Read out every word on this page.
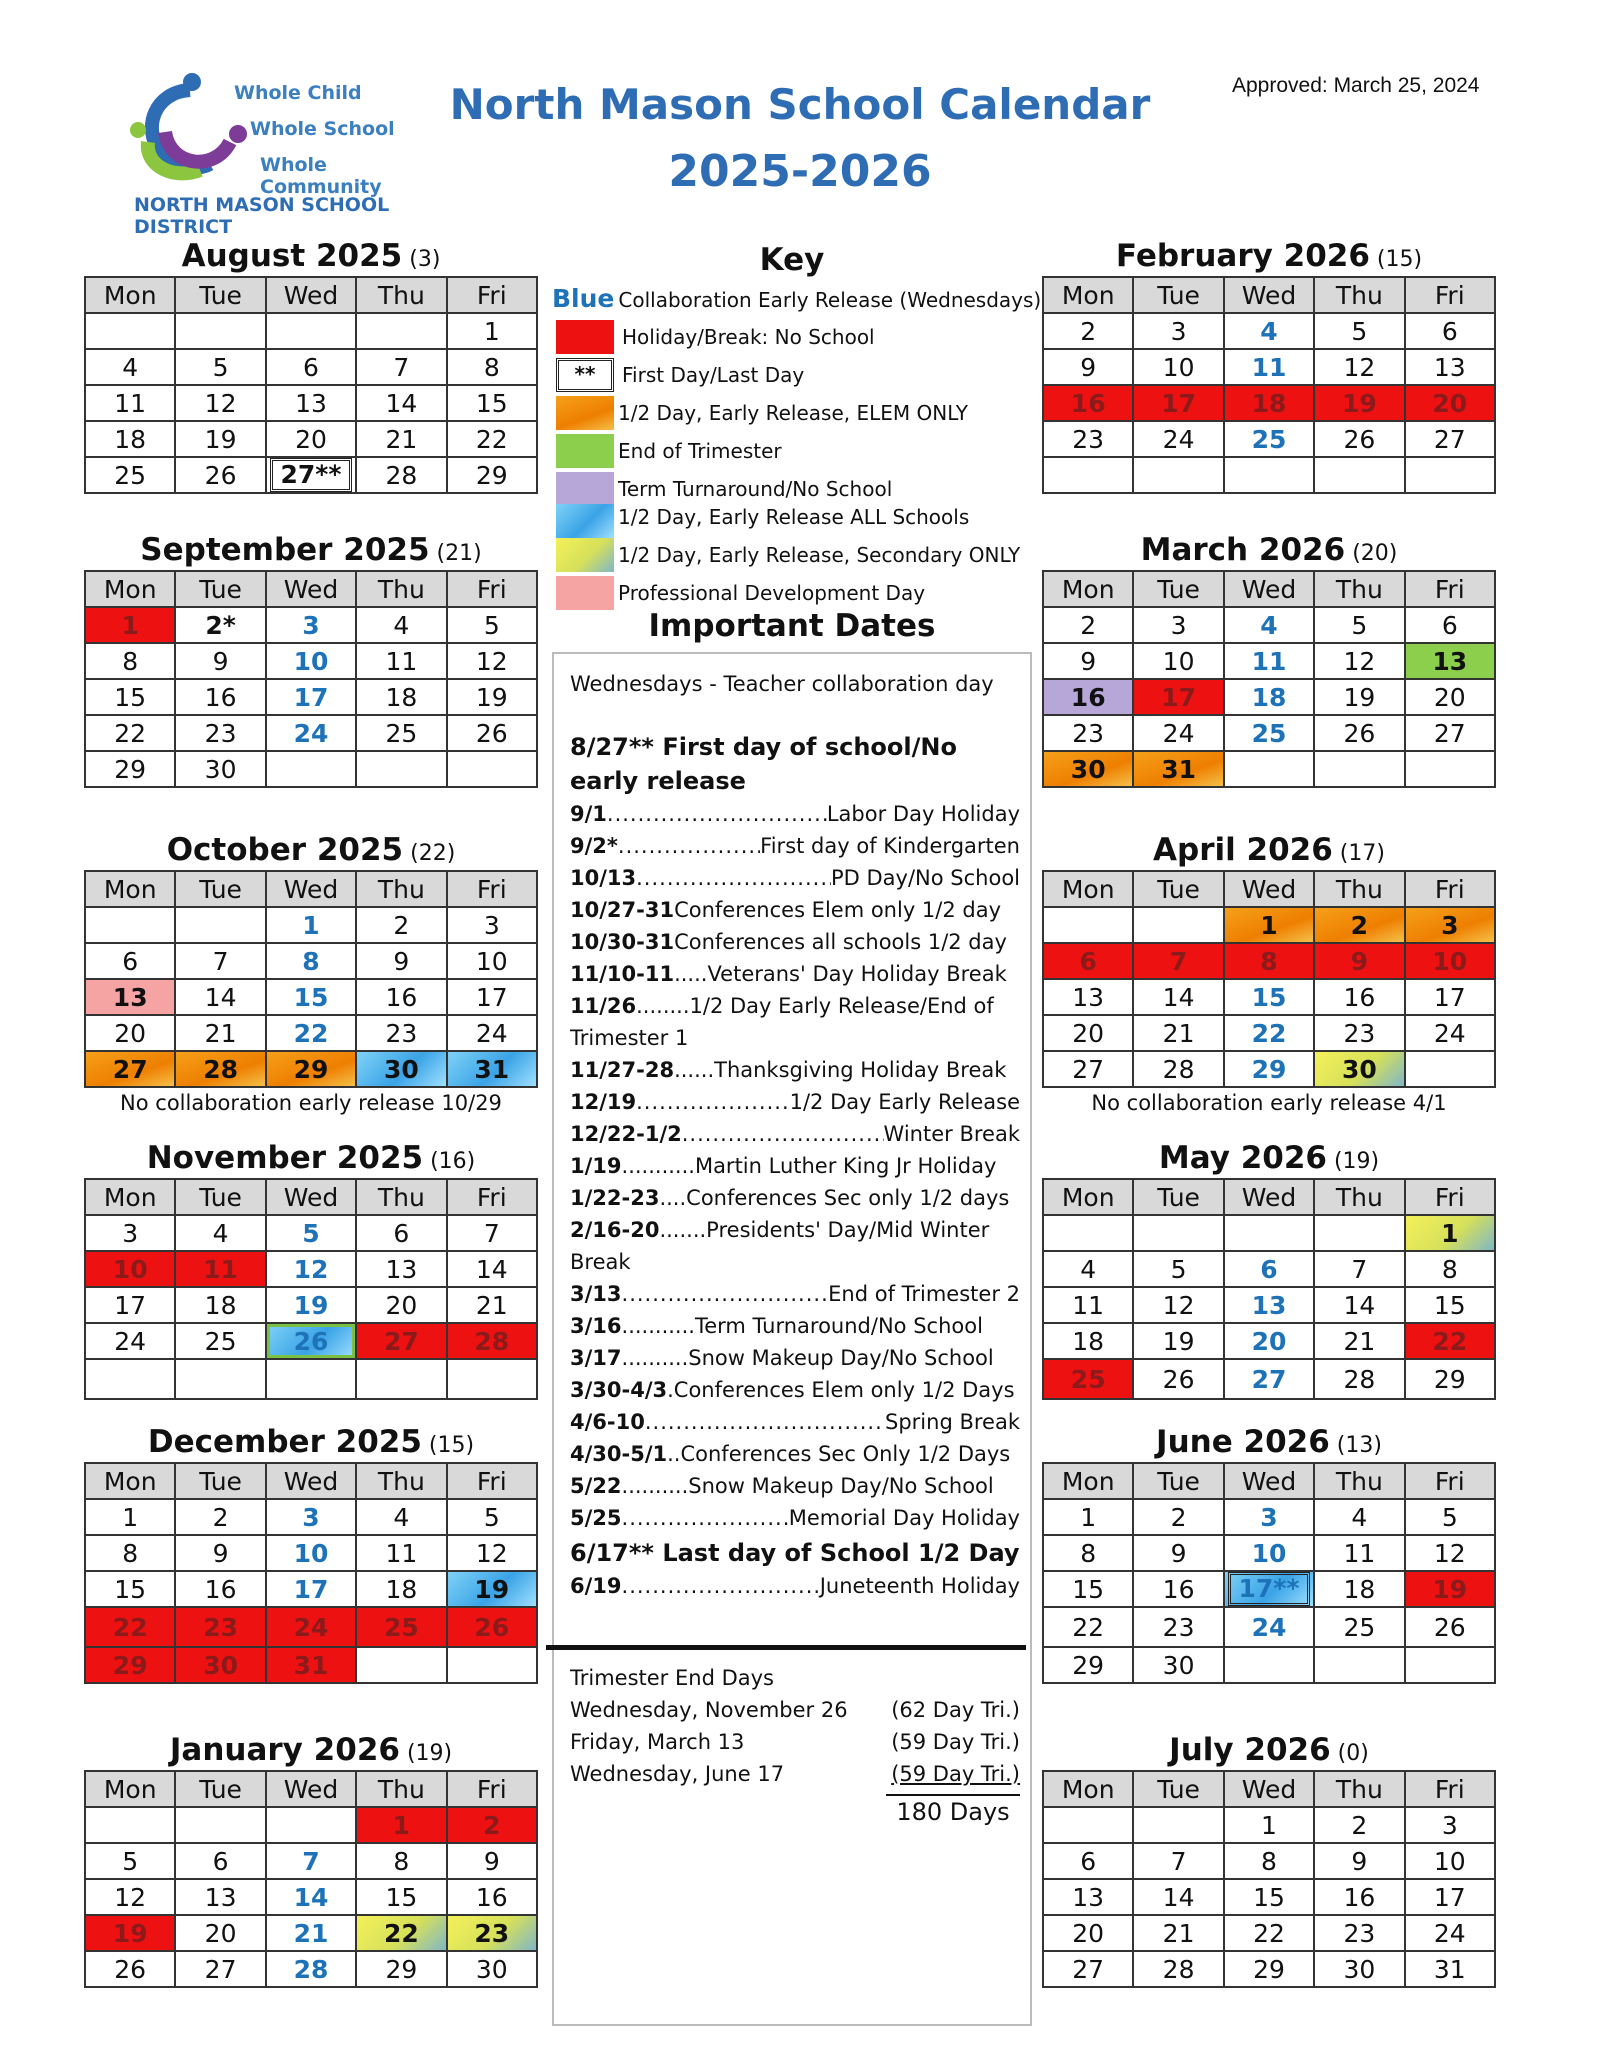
Whole Child
Whole School
Whole Community
NORTH MASON SCHOOL DISTRICT
North Mason School Calendar
2025-2026
Approved: March 25, 2024
August 2025 (3)
Mon	Tue	Wed	Thu	Fri
				1
4	5	6	7	8
11	12	13	14	15
18	19	20	21	22
25	26	27**	28	29
September 2025 (21)
Mon	Tue	Wed	Thu	Fri
1	2*	3	4	5
8	9	10	11	12
15	16	17	18	19
22	23	24	25	26
29	30			
October 2025 (22)
Mon	Tue	Wed	Thu	Fri
		1	2	3
6	7	8	9	10
13	14	15	16	17
20	21	22	23	24
27	28	29	30	31
No collaboration early release 10/29
November 2025 (16)
Mon	Tue	Wed	Thu	Fri
3	4	5	6	7
10	11	12	13	14
17	18	19	20	21
24	25	26	27	28

December 2025 (15)
Mon	Tue	Wed	Thu	Fri
1	2	3	4	5
8	9	10	11	12
15	16	17	18	19
22	23	24	25	26
29	30	31		
January 2026 (19)
Mon	Tue	Wed	Thu	Fri
			1	2
5	6	7	8	9
12	13	14	15	16
19	20	21	22	23
26	27	28	29	30
February 2026 (15)
Mon	Tue	Wed	Thu	Fri
2	3	4	5	6
9	10	11	12	13
16	17	18	19	20
23	24	25	26	27

March 2026 (20)
Mon	Tue	Wed	Thu	Fri
2	3	4	5	6
9	10	11	12	13
16	17	18	19	20
23	24	25	26	27
30	31			
April 2026 (17)
Mon	Tue	Wed	Thu	Fri
		1	2	3
6	7	8	9	10
13	14	15	16	17
20	21	22	23	24
27	28	29	30	
No collaboration early release 4/1
May 2026 (19)
Mon	Tue	Wed	Thu	Fri
				1
4	5	6	7	8
11	12	13	14	15
18	19	20	21	22
25	26	27	28	29
June 2026 (13)
Mon	Tue	Wed	Thu	Fri
1	2	3	4	5
8	9	10	11	12
15	16	17**	18	19
22	23	24	25	26
29	30			
July 2026 (0)
Mon	Tue	Wed	Thu	Fri
		1	2	3
6	7	8	9	10
13	14	15	16	17
20	21	22	23	24
27	28	29	30	31
Key
Blue Collaboration Early Release (Wednesdays)
Holiday/Break: No School
**	First Day/Last Day
1/2 Day, Early Release, ELEM ONLY
End of Trimester
Term Turnaround/No School
1/2 Day, Early Release ALL Schools
1/2 Day, Early Release, Secondary ONLY
Professional Development Day
Important Dates
Wednesdays - Teacher collaboration day
8/27** First day of school/No early release
9/1 .....	Labor Day Holiday
9/2* .....	First day of Kindergarten
10/13 .....	PD Day/No School
10/27-31 Conferences Elem only 1/2 day
10/30-31 Conferences all schools 1/2 day
11/10-11 .....Veterans' Day Holiday Break
11/26........1/2 Day Early Release/End of Trimester 1
11/27-28 ......Thanksgiving Holiday Break
12/19 .....	1/2 Day Early Release
12/22-1/2 .....	Winter Break
1/19 ...........Martin Luther King Jr Holiday
1/22-23 ....Conferences Sec only 1/2 days
2/16-20.......Presidents' Day/Mid Winter Break
3/13 .....	End of Trimester 2
3/16 ...........Term Turnaround/No School
3/17 ..........Snow Makeup Day/No School
3/30-4/3 .Conferences Elem only 1/2 Days
4/6-10 .....	Spring Break
4/30-5/1 ..Conferences Sec Only 1/2 Days
5/22 ..........Snow Makeup Day/No School
5/25 .....	Memorial Day Holiday
6/17** Last day of School 1/2 Day
6/19 .....	Juneteenth Holiday
Trimester End Days
Wednesday, November 26 (62 Day Tri.)
Friday, March 13	(59 Day Tri.)
Wednesday, June 17	(59 Day Tri.)
180 Days
